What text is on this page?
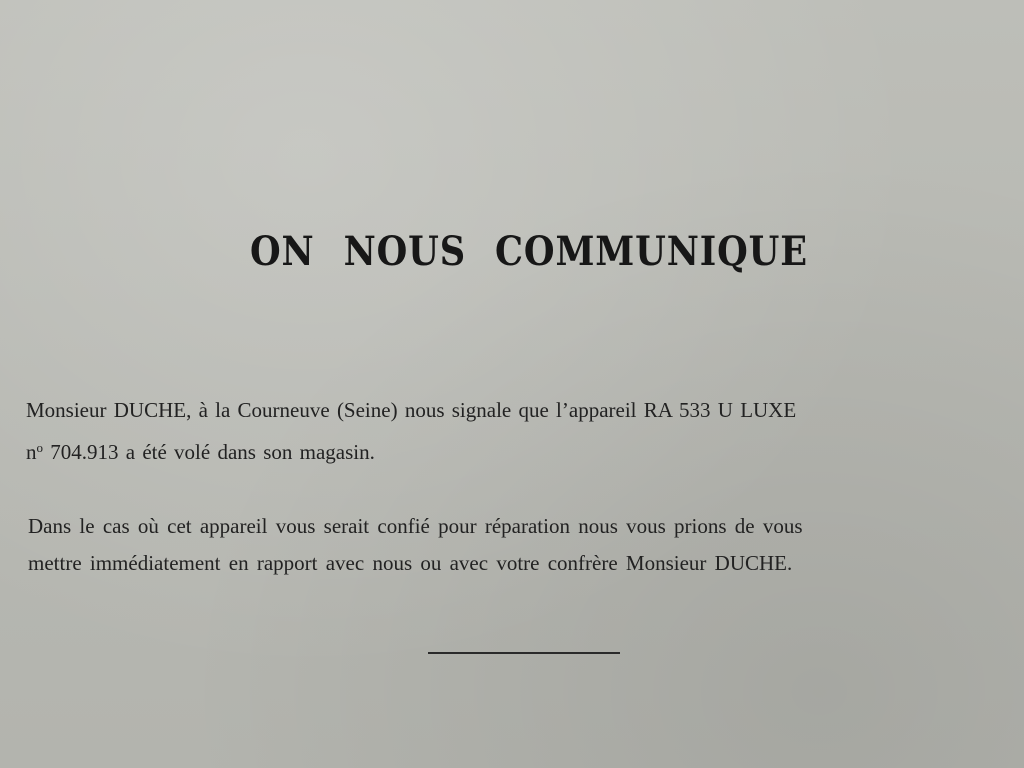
ON NOUS COMMUNIQUE

Monsieur DUCHE, à la Courneuve (Seine) nous signale que l’appareil RA 533 U LUXE
$n^o$ 704.913 a été volé dans son magasin.

Dans le cas où cet appareil vous serait confié pour réparation nous vous prions de vous
mettre immédiatement en rapport avec nous ou avec votre confrère Monsieur DUCHE.
